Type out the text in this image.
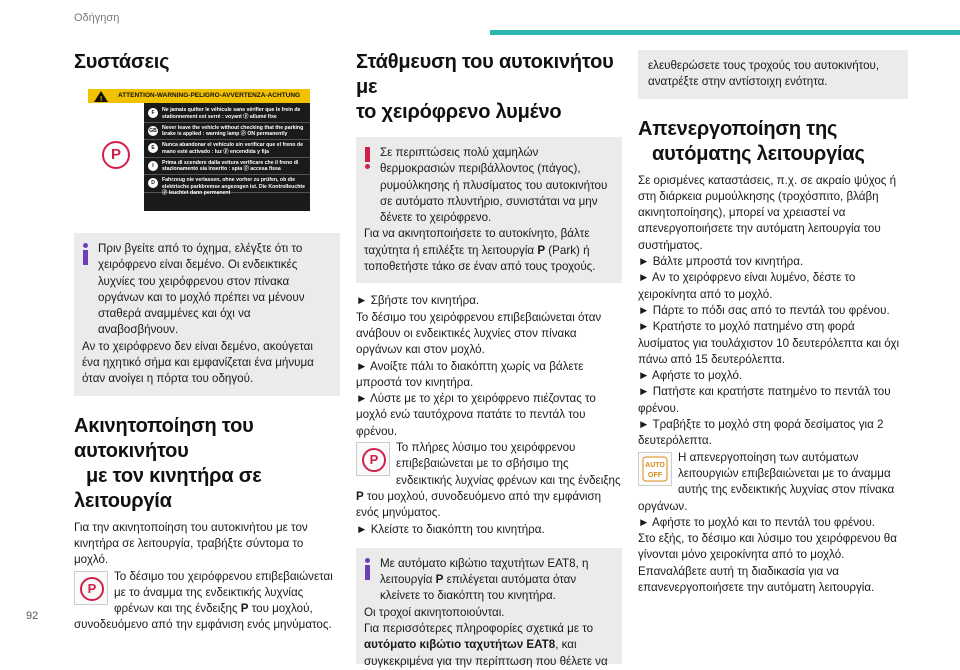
Οδήγηση
Συστάσεις
!
ATTENTION-WARNING-PELIGRO-AVVERTENZA-ACHTUNG
P
F	Ne jamais quitter le véhicule sans vérifier que le frein de stationnement est serré : voyant ⓟ allumé fixe
GB Never leave the vehicle without checking that the parking brake is applied : warning lamp ⓟ ON permanently
E	Nunca abandonar el vehículo sin verificar que el freno de mano esté activado : luz ⓟ encendida y fija
I	Prima di scendere dalla vettura verificare che il freno di stazionamento sia inserito : spia ⓟ accesa fissa
D	Fahrzeug nie verlassen, ohne vorher zu prüfen, ob die elektrische parkbremse angezogen ist. Die Kontrolleuchte ⓟ leuchtet dann permanent

Πριν βγείτε από το όχημα, ελέγξτε ότι το χειρόφρενο είναι δεμένο. Οι ενδεικτικές λυχνίες του χειρόφρενου στον πίνακα οργάνων και το μοχλό πρέπει να μένουν σταθερά αναμμένες και όχι να αναβοσβήνουν.

Αν το χειρόφρενο δεν είναι δεμένο, ακούγεται ένα ηχητικό σήμα και εμφανίζεται ένα μήνυμα όταν ανοίγει η πόρτα του οδηγού.

Ακινητοποίηση του αυτοκινήτου
με τον κινητήρα σε λειτουργία

Για την ακινητοποίηση του αυτοκινήτου με τον κινητήρα σε λειτουργία, τραβήξτε σύντομα το μοχλό.

P
Το δέσιμο του χειρόφρενου επιβεβαιώνεται με το άναμμα της ενδεικτικής λυχνίας φρένων και της ένδειξης P του μοχλού, συνοδευόμενο από την εμφάνιση ενός μηνύματος.

Στάθμευση του αυτοκινήτου με
το χειρόφρενο λυμένο

Σε περιπτώσεις πολύ χαμηλών θερμοκρασιών περιβάλλοντος (πάγος), ρυμούλκησης ή πλυσίματος του αυτοκινήτου σε αυτόματο πλυντήριο, συνιστάται να μην δένετε το χειρόφρενο.

Για να ακινητοποιήσετε το αυτοκίνητο, βάλτε ταχύτητα ή επιλέξτε τη λειτουργία P (Park) ή τοποθετήστε τάκο σε έναν από τους τροχούς.

► Σβήστε τον κινητήρα.

Το δέσιμο του χειρόφρενου επιβεβαιώνεται όταν ανάβουν οι ενδεικτικές λυχνίες στον πίνακα οργάνων και στον μοχλό.

► Ανοίξτε πάλι το διακόπτη χωρίς να βάλετε μπροστά τον κινητήρα.

► Λύστε με το χέρι το χειρόφρενο πιέζοντας το μοχλό ενώ ταυτόχρονα πατάτε το πεντάλ του φρένου.

P
Το πλήρες λύσιμο του χειρόφρενου επιβεβαιώνεται με το σβήσιμο της ενδεικτικής λυχνίας φρένων και της ένδειξης P του μοχλού, συνοδευόμενο από την εμφάνιση ενός μηνύματος.

► Κλείστε το διακόπτη του κινητήρα.

Με αυτόματο κιβώτιο ταχυτήτων EAT8, η λειτουργία P επιλέγεται αυτόματα όταν κλείνετε το διακόπτη του κινητήρα.

Οι τροχοί ακινητοποιούνται.

Για περισσότερες πληροφορίες σχετικά με το αυτόματο κιβώτιο ταχυτήτων EAT8, και συγκεκριμένα για την περίπτωση που θέλετε να

ελευθερώσετε τους τροχούς του αυτοκινήτου, ανατρέξτε στην αντίστοιχη ενότητα.

Απενεργοποίηση της
αυτόματης λειτουργίας

Σε ορισμένες καταστάσεις, π.χ. σε ακραίο ψύχος ή στη διάρκεια ρυμούλκησης (τροχόσπιτο, βλάβη ακινητοποίησης), μπορεί να χρειαστεί να απενεργοποιήσετε την αυτόματη λειτουργία του συστήματος.

► Βάλτε μπροστά τον κινητήρα.

► Αν το χειρόφρενο είναι λυμένο, δέστε το χειροκίνητα από το μοχλό.

► Πάρτε το πόδι σας από το πεντάλ του φρένου.

► Κρατήστε το μοχλό πατημένο στη φορά λυσίματος για τουλάχιστον 10 δευτερόλεπτα και όχι πάνω από 15 δευτερόλεπτα.

► Αφήστε το μοχλό.

► Πατήστε και κρατήστε πατημένο το πεντάλ του φρένου.

► Τραβήξτε το μοχλό στη φορά δεσίματος για 2 δευτερόλεπτα.

AUTO
OFF
Η απενεργοποίηση των αυτόματων λειτουργιών επιβεβαιώνεται με το άναμμα αυτής της ενδεικτικής λυχνίας στον πίνακα οργάνων.

► Αφήστε το μοχλό και το πεντάλ του φρένου.

Στο εξής, το δέσιμο και λύσιμο του χειρόφρενου θα γίνονται μόνο χειροκίνητα από το μοχλό.

Επαναλάβετε αυτή τη διαδικασία για να επανενεργοποιήσετε την αυτόματη λειτουργία.

92
